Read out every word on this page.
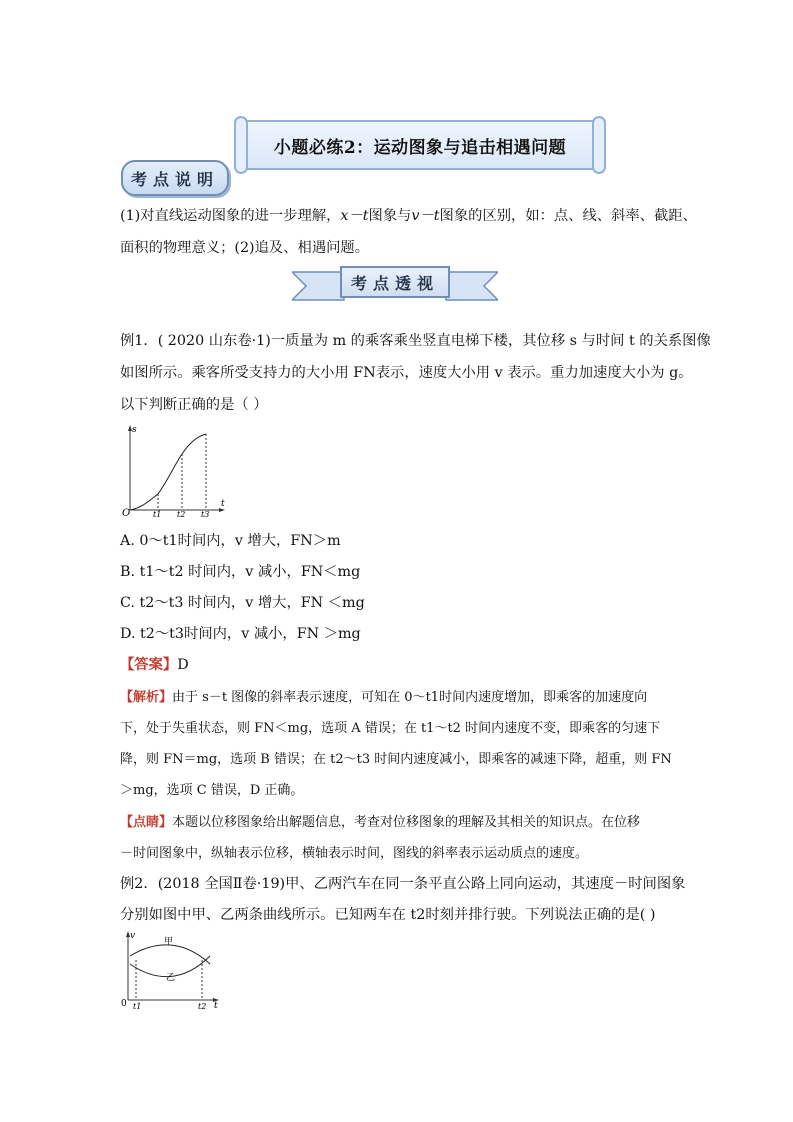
小题必练2：运动图象与追击相遇问题
考点说明
(1)对直线运动图象的进一步理解，x－t图象与v－t图象的区别，如：点、线、斜率、截距、
面积的物理意义；(2)追及、相遇问题。
考点透视
例1．( 2020 山东卷·1)一质量为 m 的乘客乘坐竖直电梯下楼，其位移 s 与时间 t 的关系图像
如图所示。乘客所受支持力的大小用 FN表示，速度大小用 v 表示。重力加速度大小为 g。
以下判断正确的是（ ）
s
t
O	t1 t2 t3
A. 0～t1时间内，v 增大，FN＞m
B. t1～t2 时间内，v 减小，FN＜mg
C. t2～t3 时间内，v 增大，FN ＜mg
D. t2～t3时间内，v 减小，FN ＞mg
【答案】D
【解析】由于 s－t 图像的斜率表示速度，可知在 0～t1时间内速度增加，即乘客的加速度向
下，处于失重状态，则 FN＜mg，选项 A 错误；在 t1～t2 时间内速度不变，即乘客的匀速下
降，则 FN＝mg，选项 B 错误；在 t2～t3 时间内速度减小，即乘客的减速下降，超重，则 FN
＞mg，选项 C 错误，D 正确。
【点睛】本题以位移图象给出解题信息，考查对位移图象的理解及其相关的知识点。在位移
－时间图象中，纵轴表示位移，横轴表示时间，图线的斜率表示运动质点的速度。
例2．(2018 全国Ⅱ卷·19)甲、乙两汽车在同一条平直公路上同向运动，其速度－时间图象
分别如图中甲、乙两条曲线所示。已知两车在 t2时刻并排行驶。下列说法正确的是( )
v
t
0 t1	t2
甲
乙
